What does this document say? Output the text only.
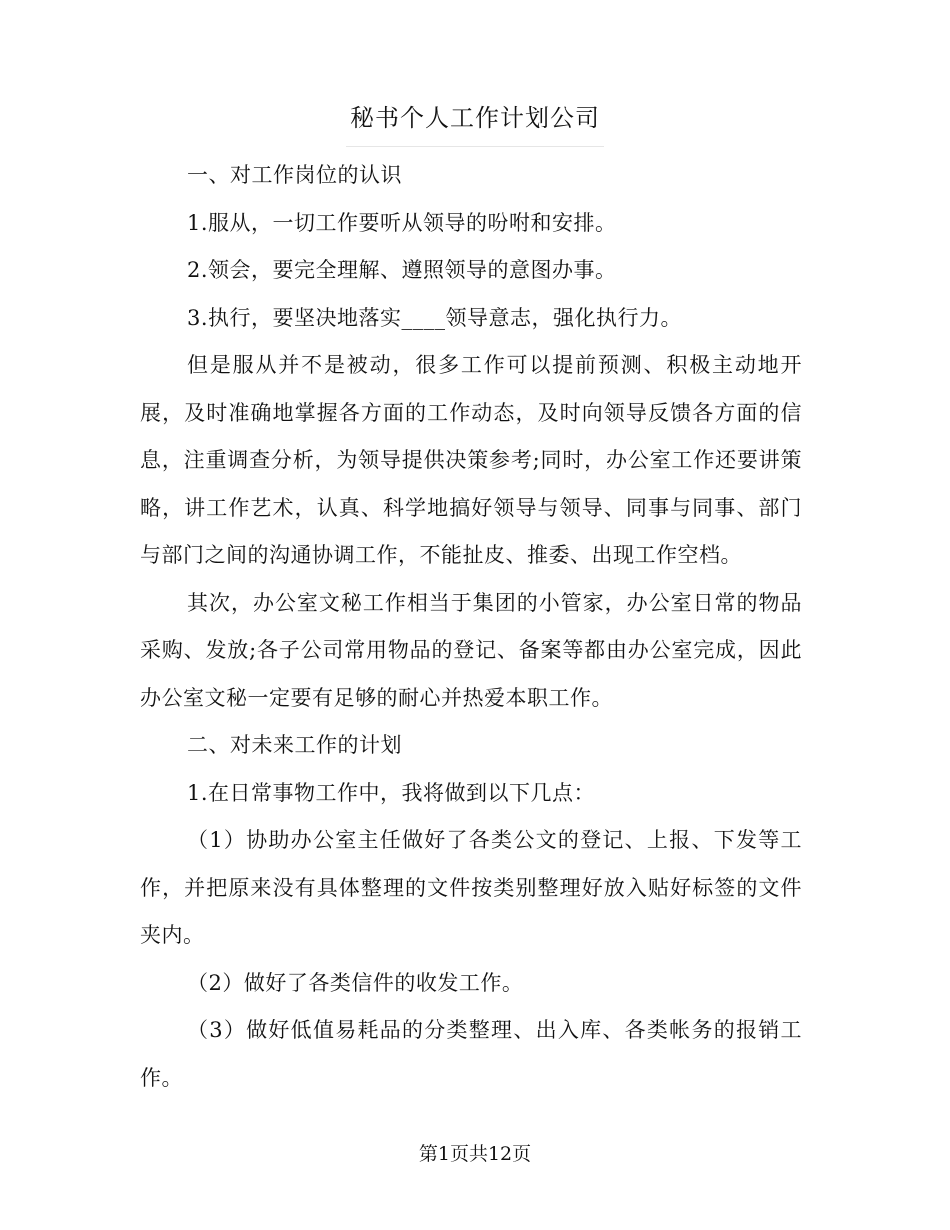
秘书个人工作计划公司

一、对工作岗位的认识

1.服从，一切工作要听从领导的吩咐和安排。

2.领会，要完全理解、遵照领导的意图办事。

3.执行，要坚决地落实____领导意志，强化执行力。

但是服从并不是被动，很多工作可以提前预测、积极主动地开展，及时准确地掌握各方面的工作动态，及时向领导反馈各方面的信息，注重调查分析，为领导提供决策参考;同时，办公室工作还要讲策略，讲工作艺术，认真、科学地搞好领导与领导、同事与同事、部门与部门之间的沟通协调工作，不能扯皮、推委、出现工作空档。

其次，办公室文秘工作相当于集团的小管家，办公室日常的物品采购、发放;各子公司常用物品的登记、备案等都由办公室完成，因此办公室文秘一定要有足够的耐心并热爱本职工作。

二、对未来工作的计划

1.在日常事物工作中，我将做到以下几点：

（1）协助办公室主任做好了各类公文的登记、上报、下发等工作，并把原来没有具体整理的文件按类别整理好放入贴好标签的文件夹内。

（2）做好了各类信件的收发工作。

（3）做好低值易耗品的分类整理、出入库、各类帐务的报销工作。

第1页共12页
